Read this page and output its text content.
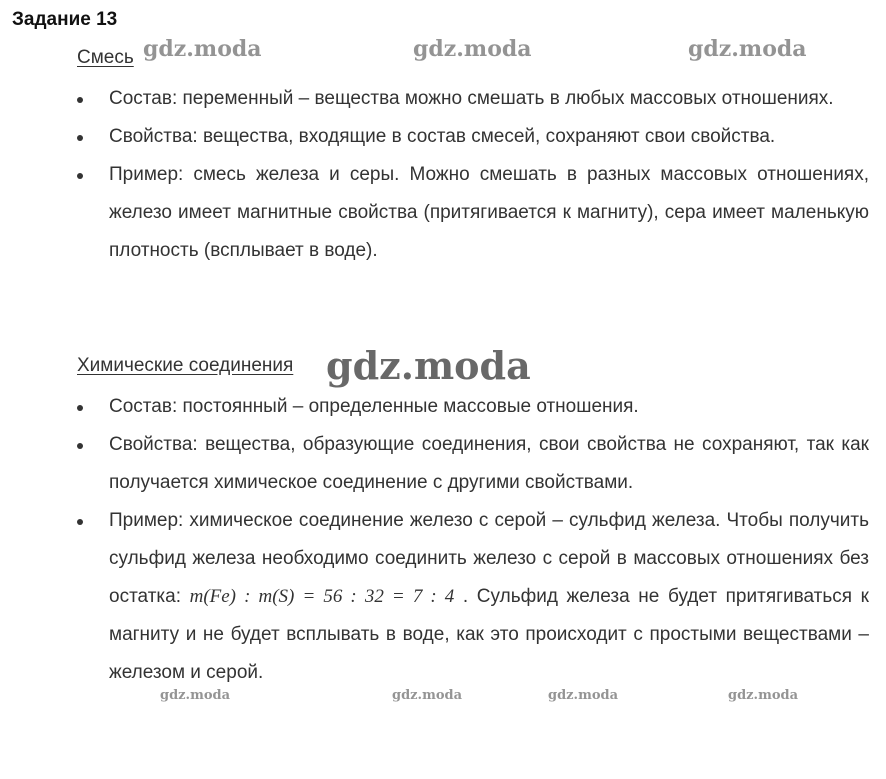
Задание 13
gdz.moda	gdz.moda	gdz.moda
gdz.moda
gdz.moda	gdz.moda	gdz.moda	gdz.moda
Смесь
Состав: переменный – вещества можно смешать в любых массовых отношениях.
Свойства: вещества, входящие в состав смесей, сохраняют свои свойства.
Пример: смесь железа и серы. Можно смешать в разных массовых отношениях, железо имеет магнитные свойства (притягивается к магниту), сера имеет маленькую плотность (всплывает в воде).
Химические соединения
Состав: постоянный – определенные массовые отношения.
Свойства: вещества, образующие соединения, свои свойства не сохраняют, так как получается химическое соединение с другими свойствами.
Пример: химическое соединение железо с серой – сульфид железа. Чтобы получить сульфид железа необходимо соединить железо с серой в массовых отношениях без остатка: m(Fe) : m(S) = 56 : 32 = 7 : 4 . Сульфид железа не будет притягиваться к магниту и не будет всплывать в воде, как это происходит с простыми веществами – железом и серой.
